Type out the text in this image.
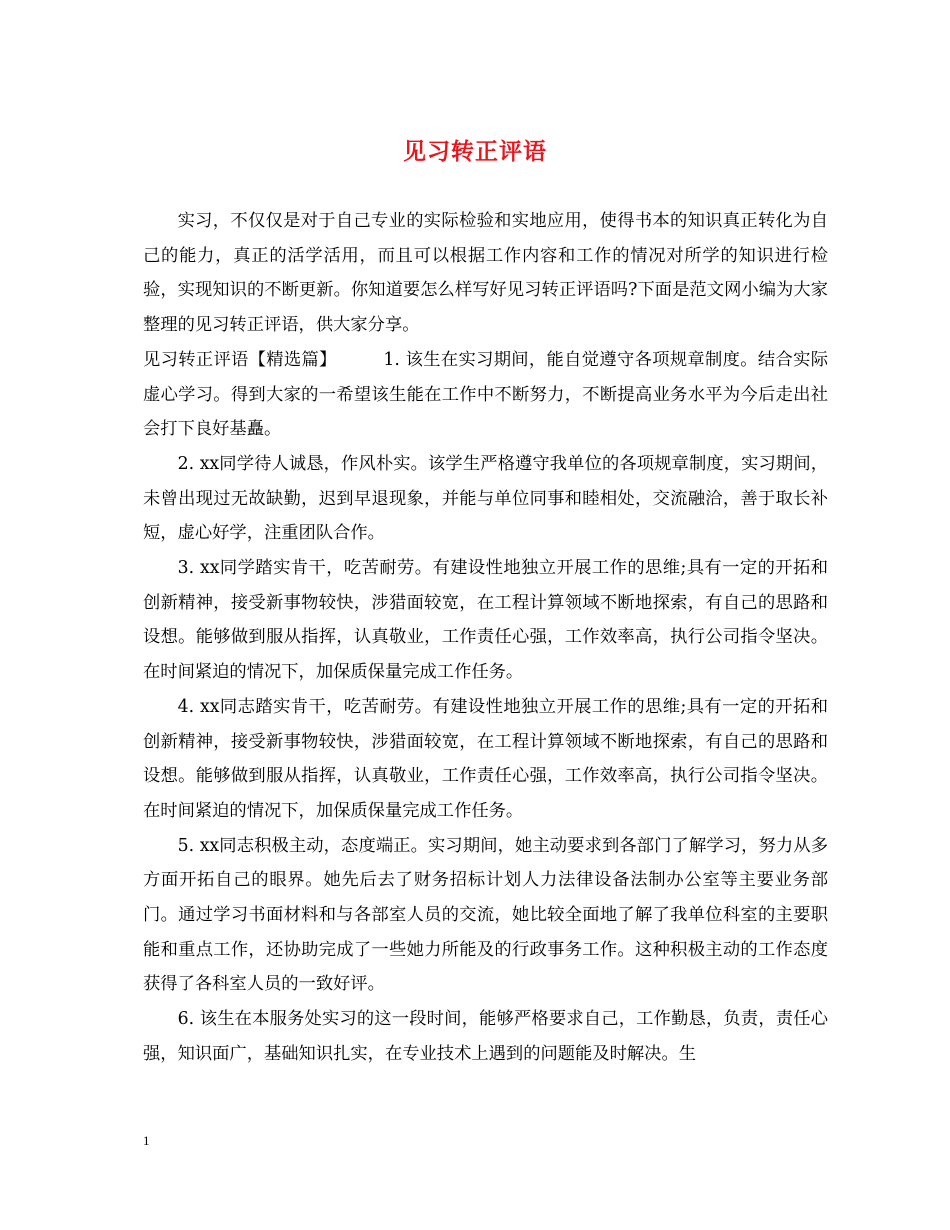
见习转正评语

实习，不仅仅是对于自己专业的实际检验和实地应用，使得书本的知识真正转化为自己的能力，真正的活学活用，而且可以根据工作内容和工作的情况对所学的知识进行检验，实现知识的不断更新。你知道要怎么样写好见习转正评语吗?下面是范文网小编为大家整理的见习转正评语，供大家分享。

见习转正评语【精选篇】        1. 该生在实习期间，能自觉遵守各项规章制度。结合实际虚心学习。得到大家的一希望该生能在工作中不断努力，不断提高业务水平为今后走出社会打下良好基矗。

2. xx同学待人诚恳，作风朴实。该学生严格遵守我单位的各项规章制度，实习期间，未曾出现过无故缺勤，迟到早退现象，并能与单位同事和睦相处，交流融洽，善于取长补短，虚心好学，注重团队合作。

3. xx同学踏实肯干，吃苦耐劳。有建设性地独立开展工作的思维;具有一定的开拓和创新精神，接受新事物较快，涉猎面较宽，在工程计算领域不断地探索，有自己的思路和设想。能够做到服从指挥，认真敬业，工作责任心强，工作效率高，执行公司指令坚决。在时间紧迫的情况下，加保质保量完成工作任务。

4. xx同志踏实肯干，吃苦耐劳。有建设性地独立开展工作的思维;具有一定的开拓和创新精神，接受新事物较快，涉猎面较宽，在工程计算领域不断地探索，有自己的思路和设想。能够做到服从指挥，认真敬业，工作责任心强，工作效率高，执行公司指令坚决。在时间紧迫的情况下，加保质保量完成工作任务。

5. xx同志积极主动，态度端正。实习期间，她主动要求到各部门了解学习，努力从多方面开拓自己的眼界。她先后去了财务招标计划人力法律设备法制办公室等主要业务部门。通过学习书面材料和与各部室人员的交流，她比较全面地了解了我单位科室的主要职能和重点工作，还协助完成了一些她力所能及的行政事务工作。这种积极主动的工作态度获得了各科室人员的一致好评。

6. 该生在本服务处实习的这一段时间，能够严格要求自己，工作勤恳，负责，责任心强，知识面广，基础知识扎实，在专业技术上遇到的问题能及时解决。生

1
